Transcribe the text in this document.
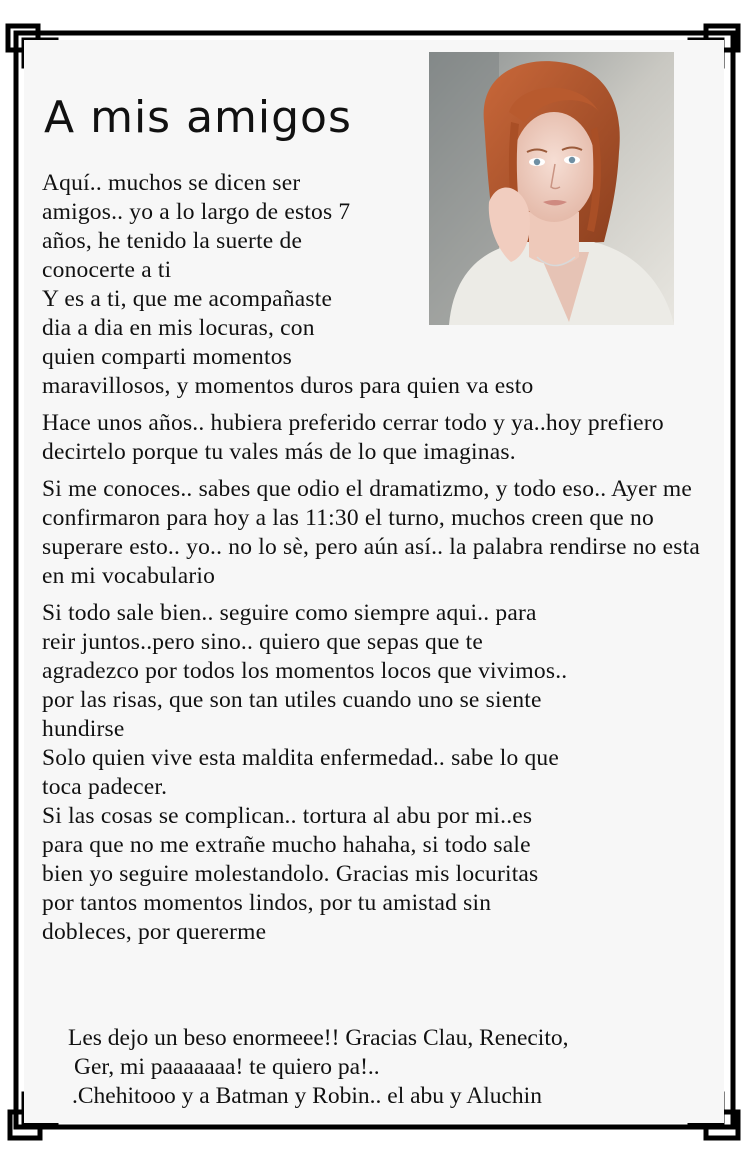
A mis amigos
Aquí.. muchos se dicen ser
amigos.. yo a lo largo de estos 7
años, he tenido la suerte de
conocerte a ti
Y es a ti, que me acompañaste
dia a dia en mis locuras, con
quien comparti momentos
maravillosos, y momentos duros para quien va esto
Hace unos años.. hubiera preferido cerrar todo y ya..hoy prefiero decirtelo porque tu vales más de lo que imaginas.
Si me conoces.. sabes que odio el dramatizmo, y todo eso.. Ayer me confirmaron para hoy a las 11:30 el turno, muchos creen que no superare esto.. yo.. no lo sè, pero aún así.. la palabra rendirse no esta en mi vocabulario
Si todo sale bien.. seguire como siempre aqui.. para
reir juntos..pero sino.. quiero que sepas que te
agradezco por todos los momentos locos que vivimos..
por las risas, que son tan utiles cuando uno se siente
hundirse
Solo quien vive esta maldita enfermedad.. sabe lo que
toca padecer.
Si las cosas se complican.. tortura al abu por mi..es
para que no me extrañe mucho hahaha, si todo sale
bien yo seguire molestandolo. Gracias mis locuritas
por tantos momentos lindos, por tu amistad sin
dobleces, por quererme
Les dejo un beso enormeee!! Gracias Clau, Renecito,
Ger, mi paaaaaaa! te quiero pa!..
.Chehitooo y a Batman y Robin.. el abu y Aluchin
